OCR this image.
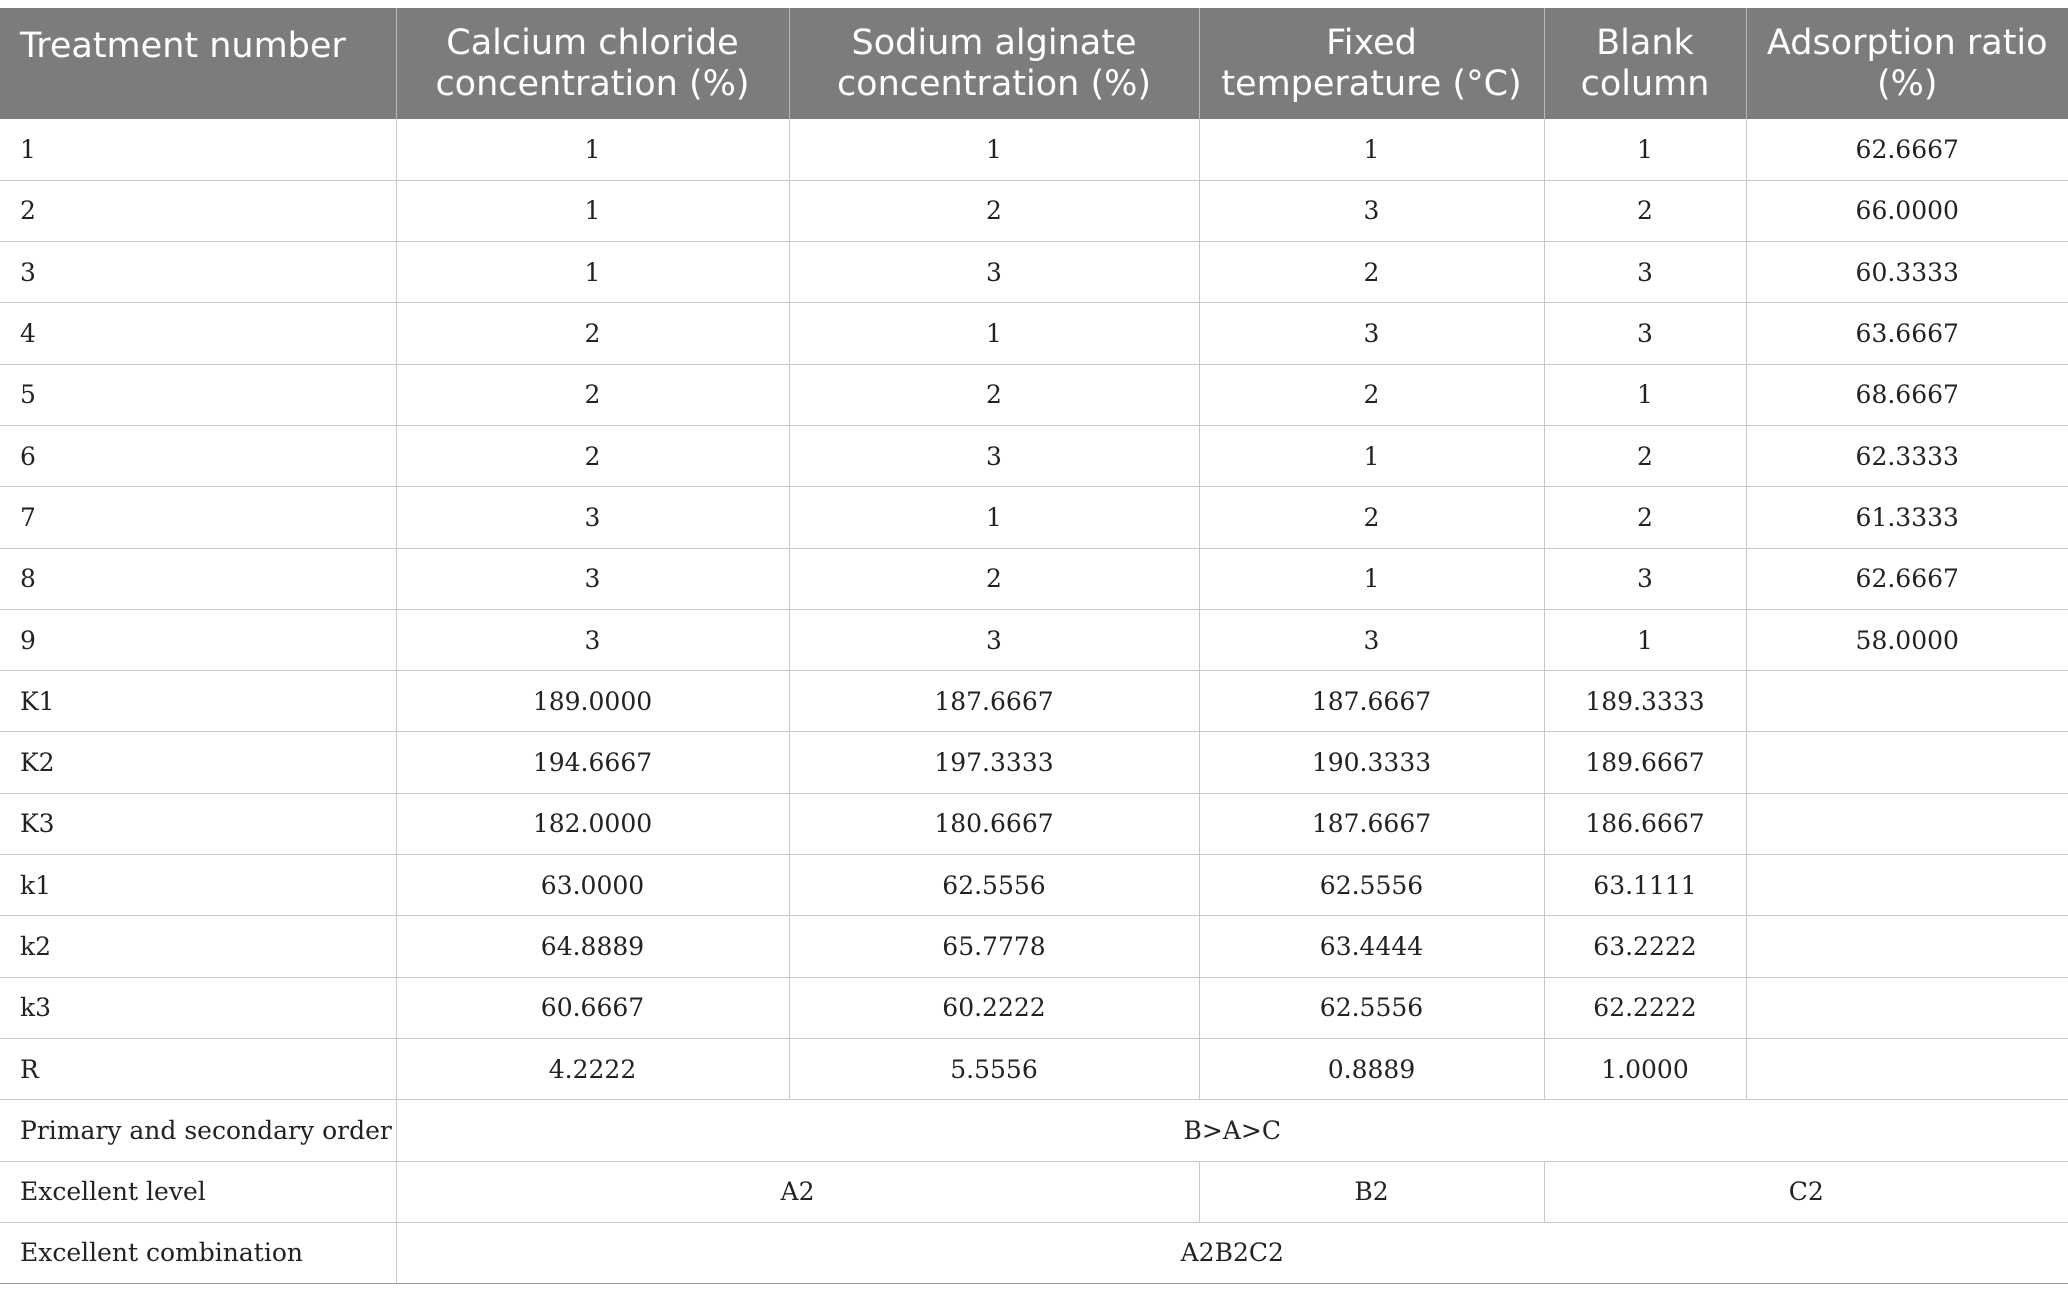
Treatment number	Calcium chloride concentration (%)	Sodium alginate concentration (%)	Fixed temperature (°C)	Blank column	Adsorption ratio (%)
1	1	1	1	1	62.6667
2	1	2	3	2	66.0000
3	1	3	2	3	60.3333
4	2	1	3	3	63.6667
5	2	2	2	1	68.6667
6	2	3	1	2	62.3333
7	3	1	2	2	61.3333
8	3	2	1	3	62.6667
9	3	3	3	1	58.0000
K1	189.0000	187.6667	187.6667	189.3333	
K2	194.6667	197.3333	190.3333	189.6667	
K3	182.0000	180.6667	187.6667	186.6667	
k1	63.0000	62.5556	62.5556	63.1111	
k2	64.8889	65.7778	63.4444	63.2222	
k3	60.6667	60.2222	62.5556	62.2222	
R	4.2222	5.5556	0.8889	1.0000	
Primary and secondary order	B>A>C				
Excellent level	A2		B2	C2	
Excellent combination	A2B2C2				
